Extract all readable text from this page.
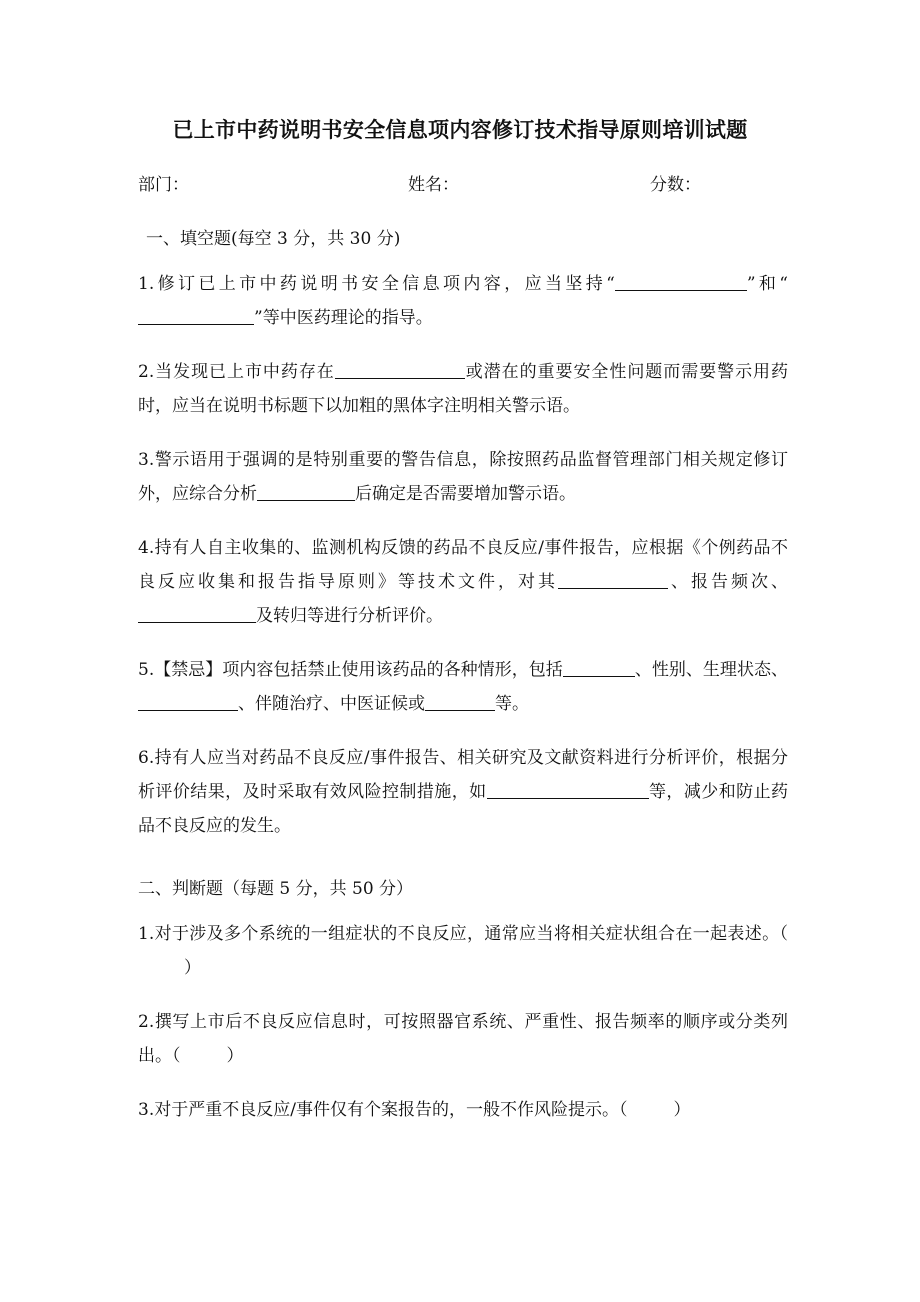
已上市中药说明书安全信息项内容修订技术指导原则培训试题
部门：	姓名：	分数：
一、填空题(每空 3 分，共 30 分)
1.修订已上市中药说明书安全信息项内容，应当坚持“	”和“”等中医药理论的指导。
2.当发现已上市中药存在	或潜在的重要安全性问题而需要警示用药时，应当在说明书标题下以加粗的黑体字注明相关警示语。
3.警示语用于强调的是特别重要的警告信息，除按照药品监督管理部门相关规定修订外，应综合分析	后确定是否需要增加警示语。
4.持有人自主收集的、监测机构反馈的药品不良反应/事件报告，应根据《个例药品不良反应收集和报告指导原则》等技术文件，对其	、报告频次、及转归等进行分析评价。
5.【禁忌】项内容包括禁止使用该药品的各种情形，包括	、性别、生理状态、、伴随治疗、中医证候或	等。
6.持有人应当对药品不良反应/事件报告、相关研究及文献资料进行分析评价，根据分析评价结果，及时采取有效风险控制措施，如	等，减少和防止药品不良反应的发生。
二、判断题（每题 5 分，共 50 分）
1.对于涉及多个系统的一组症状的不良反应，通常应当将相关症状组合在一起表述。（）
2.撰写上市后不良反应信息时，可按照器官系统、严重性、报告频率的顺序或分类列出。（	）
3.对于严重不良反应/事件仅有个案报告的，一般不作风险提示。（	）
